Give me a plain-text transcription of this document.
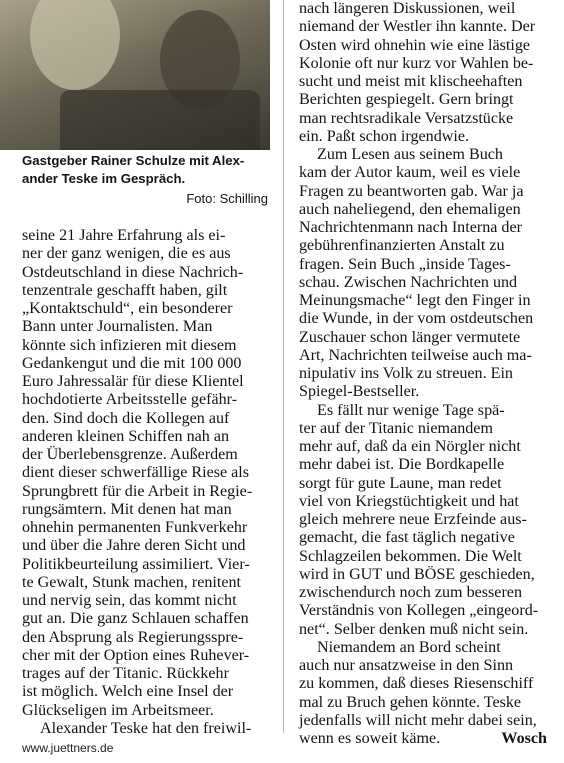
Gastgeber Rainer Schulze mit Alex-
ander Teske im Gespräch.
Foto: Schilling
seine 21 Jahre Erfahrung als ei-
ner der ganz wenigen, die es aus
Ostdeutschland in diese Nachrich-
tenzentrale geschafft haben, gilt
„Kontaktschuld“, ein besonderer
Bann unter Journalisten. Man
könnte sich infizieren mit diesem
Gedankengut und die mit 100 000
Euro Jahressalär für diese Klientel
hochdotierte Arbeitsstelle gefähr-
den. Sind doch die Kollegen auf
anderen kleinen Schiffen nah an
der Überlebensgrenze. Außerdem
dient dieser schwerfällige Riese als
Sprungbrett für die Arbeit in Regie-
rungsämtern. Mit denen hat man
ohnehin permanenten Funkverkehr
und über die Jahre deren Sicht und
Politikbeurteilung assimiliert. Vier-
te Gewalt, Stunk machen, renitent
und nervig sein, das kommt nicht
gut an. Die ganz Schlauen schaffen
den Absprung als Regierungsspre-
cher mit der Option eines Ruhever-
trages auf der Titanic. Rückkehr
ist möglich. Welch eine Insel der
Glückseligen im Arbeitsmeer.
Alexander Teske hat den freiwil-
nach längeren Diskussionen, weil
niemand der Westler ihn kannte. Der
Osten wird ohnehin wie eine lästige
Kolonie oft nur kurz vor Wahlen be-
sucht und meist mit klischeehaften
Berichten gespiegelt. Gern bringt
man rechtsradikale Versatzstücke
ein. Paßt schon irgendwie.
Zum Lesen aus seinem Buch
kam der Autor kaum, weil es viele
Fragen zu beantworten gab. War ja
auch naheliegend, den ehemaligen
Nachrichtenmann nach Interna der
gebührenfinanzierten Anstalt zu
fragen. Sein Buch „inside Tages-
schau. Zwischen Nachrichten und
Meinungsmache“ legt den Finger in
die Wunde, in der vom ostdeutschen
Zuschauer schon länger vermutete
Art, Nachrichten teilweise auch ma-
nipulativ ins Volk zu streuen. Ein
Spiegel-Bestseller.
Es fällt nur wenige Tage spä-
ter auf der Titanic niemandem
mehr auf, daß da ein Nörgler nicht
mehr dabei ist. Die Bordkapelle
sorgt für gute Laune, man redet
viel von Kriegstüchtigkeit und hat
gleich mehrere neue Erzfeinde aus-
gemacht, die fast täglich negative
Schlagzeilen bekommen. Die Welt
wird in GUT und BÖSE geschieden,
zwischendurch noch zum besseren
Verständnis von Kollegen „eingeord-
net“. Selber denken muß nicht sein.
Niemandem an Bord scheint
auch nur ansatzweise in den Sinn
zu kommen, daß dieses Riesenschiff
mal zu Bruch gehen könnte. Teske
jedenfalls will nicht mehr dabei sein,
wenn es soweit käme.	Wosch
www.juettners.de
